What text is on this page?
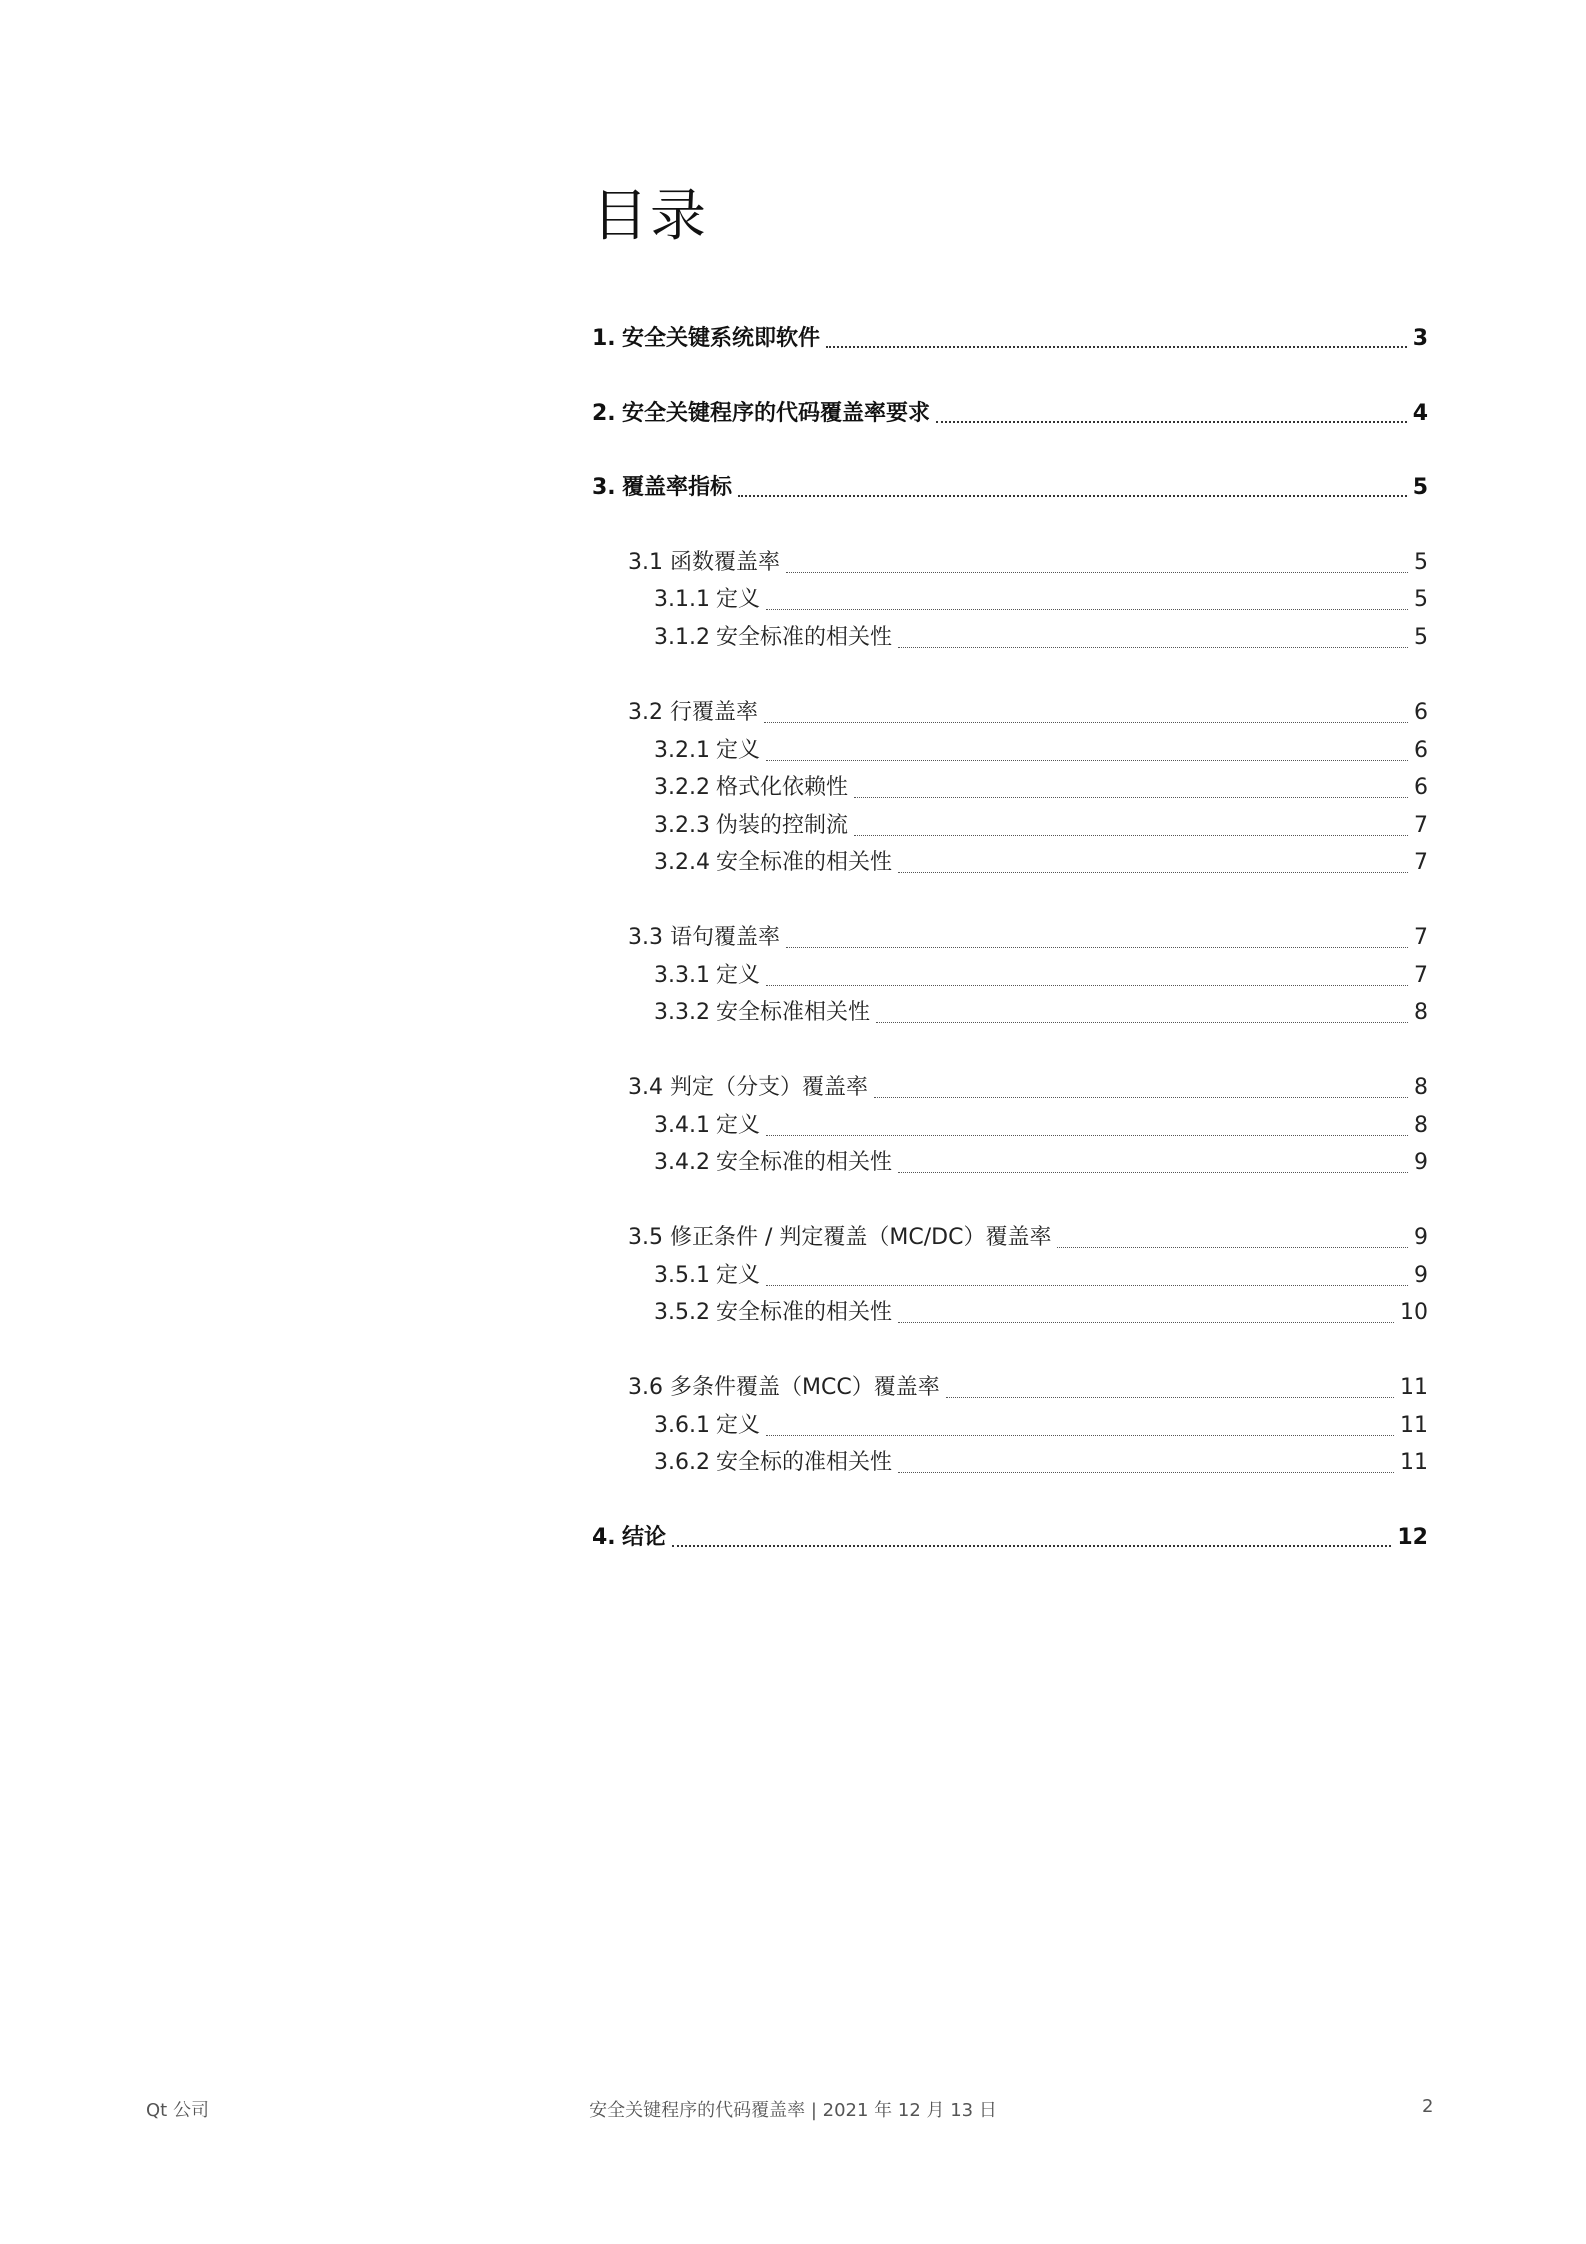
目录
1. 安全关键系统即软件	3
2. 安全关键程序的代码覆盖率要求	4
3. 覆盖率指标	5
3.1 函数覆盖率	5
3.1.1 定义	5
3.1.2 安全标准的相关性	5
3.2 行覆盖率	6
3.2.1 定义	6
3.2.2 格式化依赖性	6
3.2.3 伪装的控制流	7
3.2.4 安全标准的相关性	7
3.3 语句覆盖率	7
3.3.1 定义	7
3.3.2 安全标准相关性	8
3.4 判定（分支）覆盖率	8
3.4.1 定义	8
3.4.2 安全标准的相关性	9
3.5 修正条件 / 判定覆盖（MC/DC）覆盖率	9
3.5.1 定义	9
3.5.2 安全标准的相关性	10
3.6 多条件覆盖（MCC）覆盖率	11
3.6.1 定义	11
3.6.2 安全标的准相关性	11
4. 结论	12
Qt 公司	安全关键程序的代码覆盖率 | 2021 年 12 月 13 日	2
